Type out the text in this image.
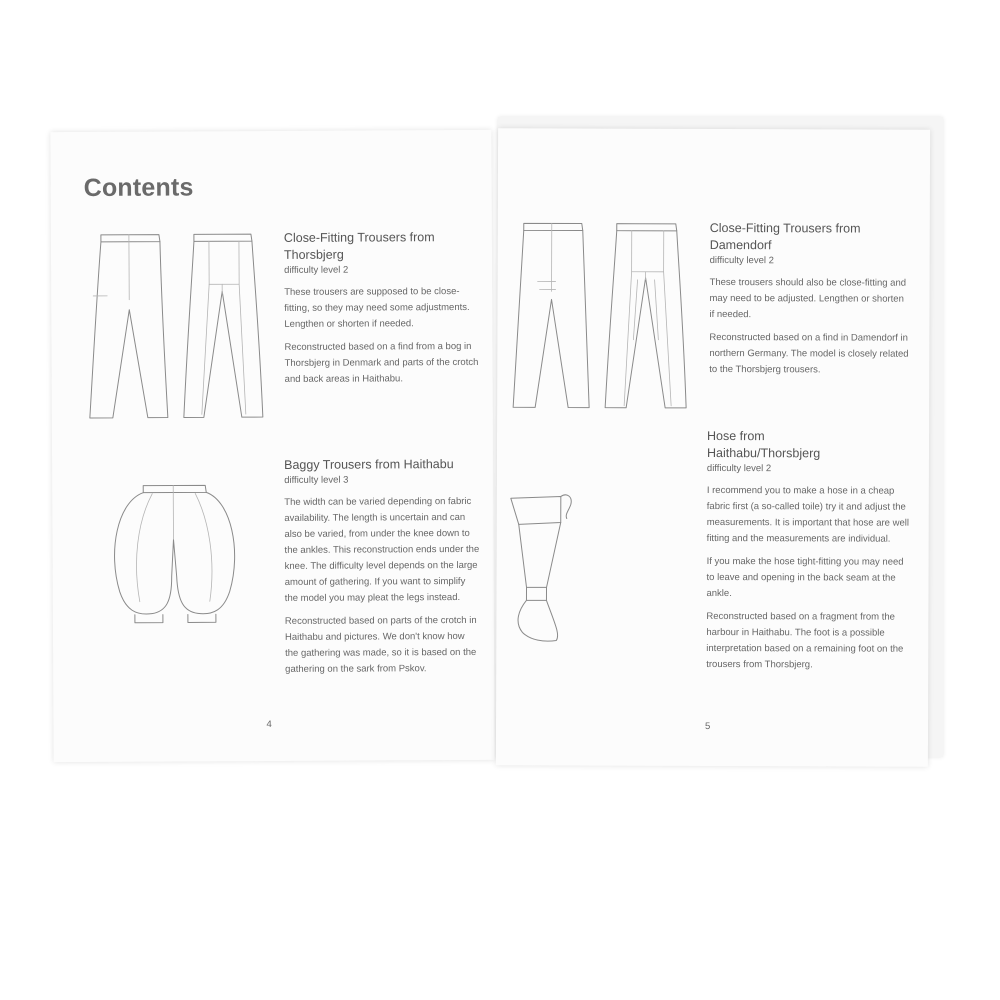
Contents
Close-Fitting Trousers from
Thorsbjerg
difficulty level 2

These trousers are supposed to be close-fitting, so they may need some adjustments. Lengthen or shorten if needed.

Reconstructed based on a find from a bog in Thorsbjerg in Denmark and parts of the crotch and back areas in Haithabu.

Baggy Trousers from Haithabu
difficulty level 3

The width can be varied depending on fabric availability. The length is uncertain and can also be varied, from under the knee down to the ankles. This reconstruction ends under the knee. The difficulty level depends on the large amount of gathering. If you want to simplify the model you may pleat the legs instead.

Reconstructed based on parts of the crotch in Haithabu and pictures. We don't know how the gathering was made, so it is based on the gathering on the sark from Pskov.

4
Close-Fitting Trousers from
Damendorf
difficulty level 2

These trousers should also be close-fitting and may need to be adjusted. Lengthen or shorten if needed.

Reconstructed based on a find in Damendorf in northern Germany. The model is closely related to the Thorsbjerg trousers.

Hose from
Haithabu/Thorsbjerg
difficulty level 2

I recommend you to make a hose in a cheap fabric first (a so-called toile) try it and adjust the measurements. It is important that hose are well fitting and the measurements are individual.

If you make the hose tight-fitting you may need to leave and opening in the back seam at the ankle.

Reconstructed based on a fragment from the harbour in Haithabu. The foot is a possible interpretation based on a remaining foot on the trousers from Thorsbjerg.

5
